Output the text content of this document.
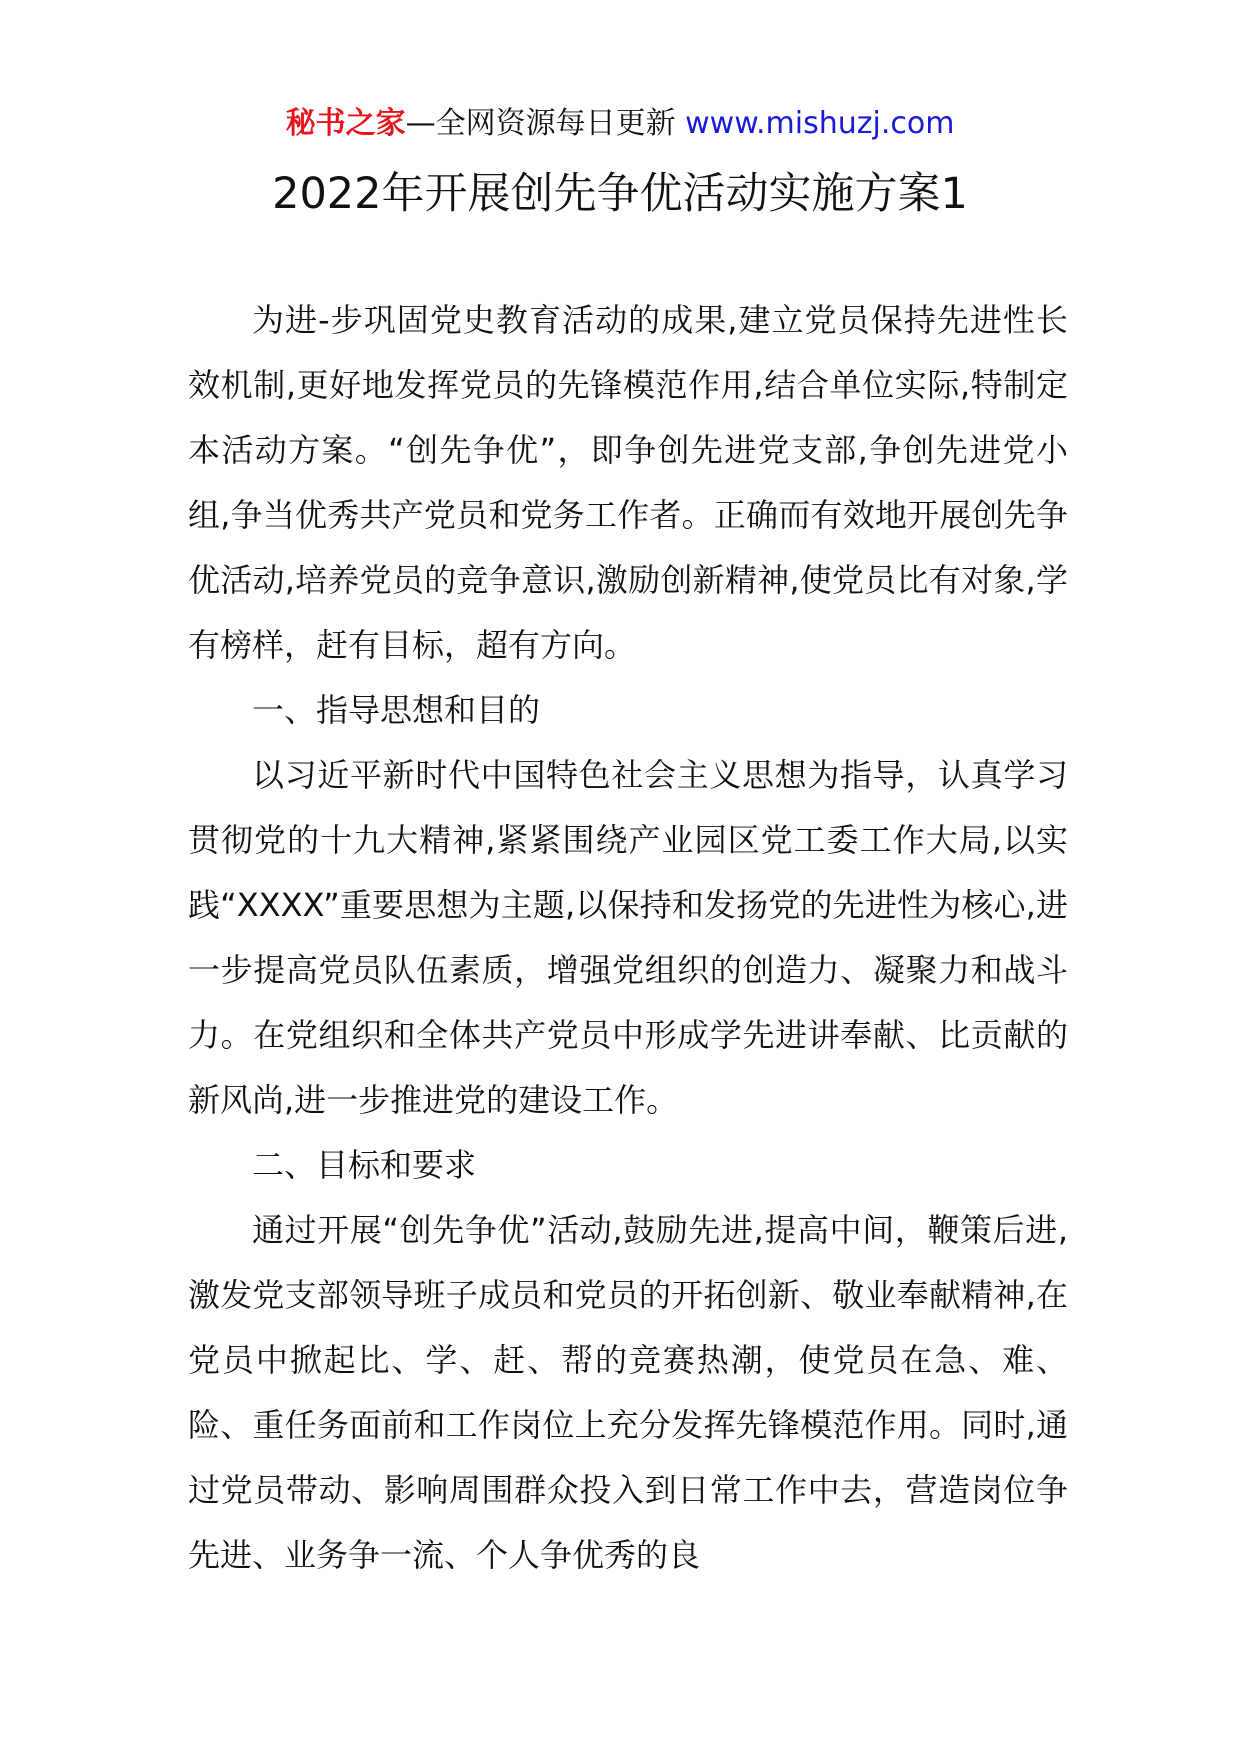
秘书之家—全网资源每日更新 www.mishuzj.com
2022年开展创先争优活动实施方案1

为进-步巩固党史教育活动的成果,建立党员保持先进性长效机制,更好地发挥党员的先锋模范作用,结合单位实际,特制定本活动方案。“创先争优”，即争创先进党支部,争创先进党小组,争当优秀共产党员和党务工作者。正确而有效地开展创先争优活动,培养党员的竞争意识,激励创新精神,使党员比有对象,学有榜样，赶有目标，超有方向。

一、指导思想和目的

以习近平新时代中国特色社会主义思想为指导，认真学习贯彻党的十九大精神,紧紧围绕产业园区党工委工作大局,以实践“XXXX”重要思想为主题,以保持和发扬党的先进性为核心,进一步提高党员队伍素质，增强党组织的创造力、凝聚力和战斗力。在党组织和全体共产党员中形成学先进讲奉献、比贡献的新风尚,进一步推进党的建设工作。

二、目标和要求

通过开展“创先争优”活动,鼓励先进,提高中间，鞭策后进,激发党支部领导班子成员和党员的开拓创新、敬业奉献精神,在党员中掀起比、学、赶、帮的竞赛热潮，使党员在急、难、险、重任务面前和工作岗位上充分发挥先锋模范作用。同时,通过党员带动、影响周围群众投入到日常工作中去，营造岗位争先进、业务争一流、个人争优秀的良
